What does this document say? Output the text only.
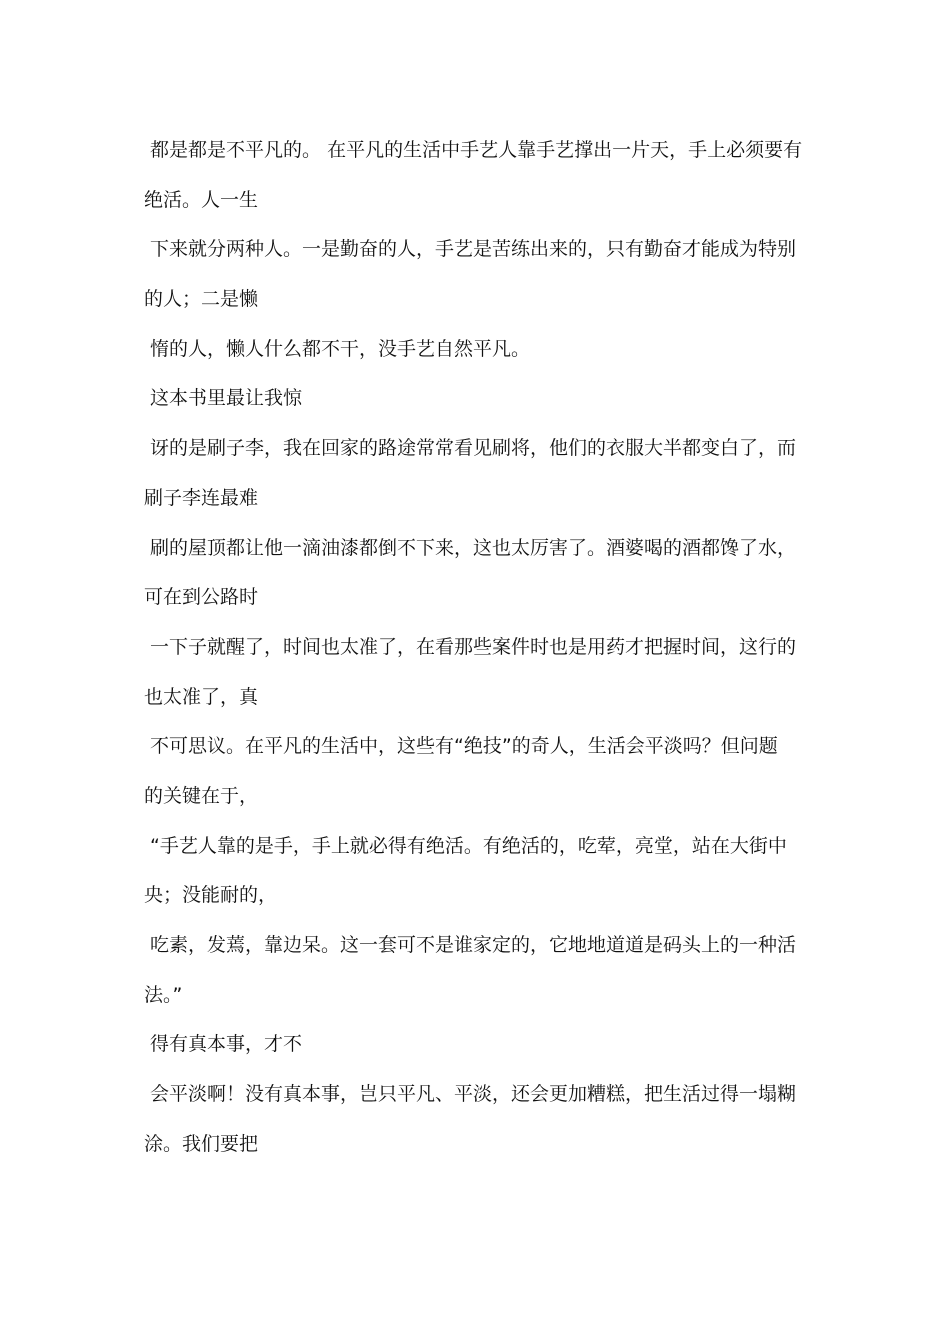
都是都是不平凡的。 在平凡的生活中手艺人靠手艺撑出一片天，手上必须要有
绝活。人一生
下来就分两种人。一是勤奋的人，手艺是苦练出来的，只有勤奋才能成为特别
的人；二是懒
惰的人，懒人什么都不干，没手艺自然平凡。
这本书里最让我惊
讶的是刷子李，我在回家的路途常常看见刷将，他们的衣服大半都变白了，而
刷子李连最难
刷的屋顶都让他一滴油漆都倒不下来，这也太厉害了。酒婆喝的酒都馋了水，
可在到公路时
一下子就醒了，时间也太准了，在看那些案件时也是用药才把握时间，这行的
也太准了，真
不可思议。在平凡的生活中，这些有“绝技”的奇人，生活会平淡吗？但问题
的关键在于，
“手艺人靠的是手，手上就必得有绝活。有绝活的，吃荤，亮堂，站在大街中
央；没能耐的，
吃素，发蔫，靠边呆。这一套可不是谁家定的，它地地道道是码头上的一种活
法。”
得有真本事，才不
会平淡啊！没有真本事，岂只平凡、平淡，还会更加糟糕，把生活过得一塌糊
涂。我们要把
